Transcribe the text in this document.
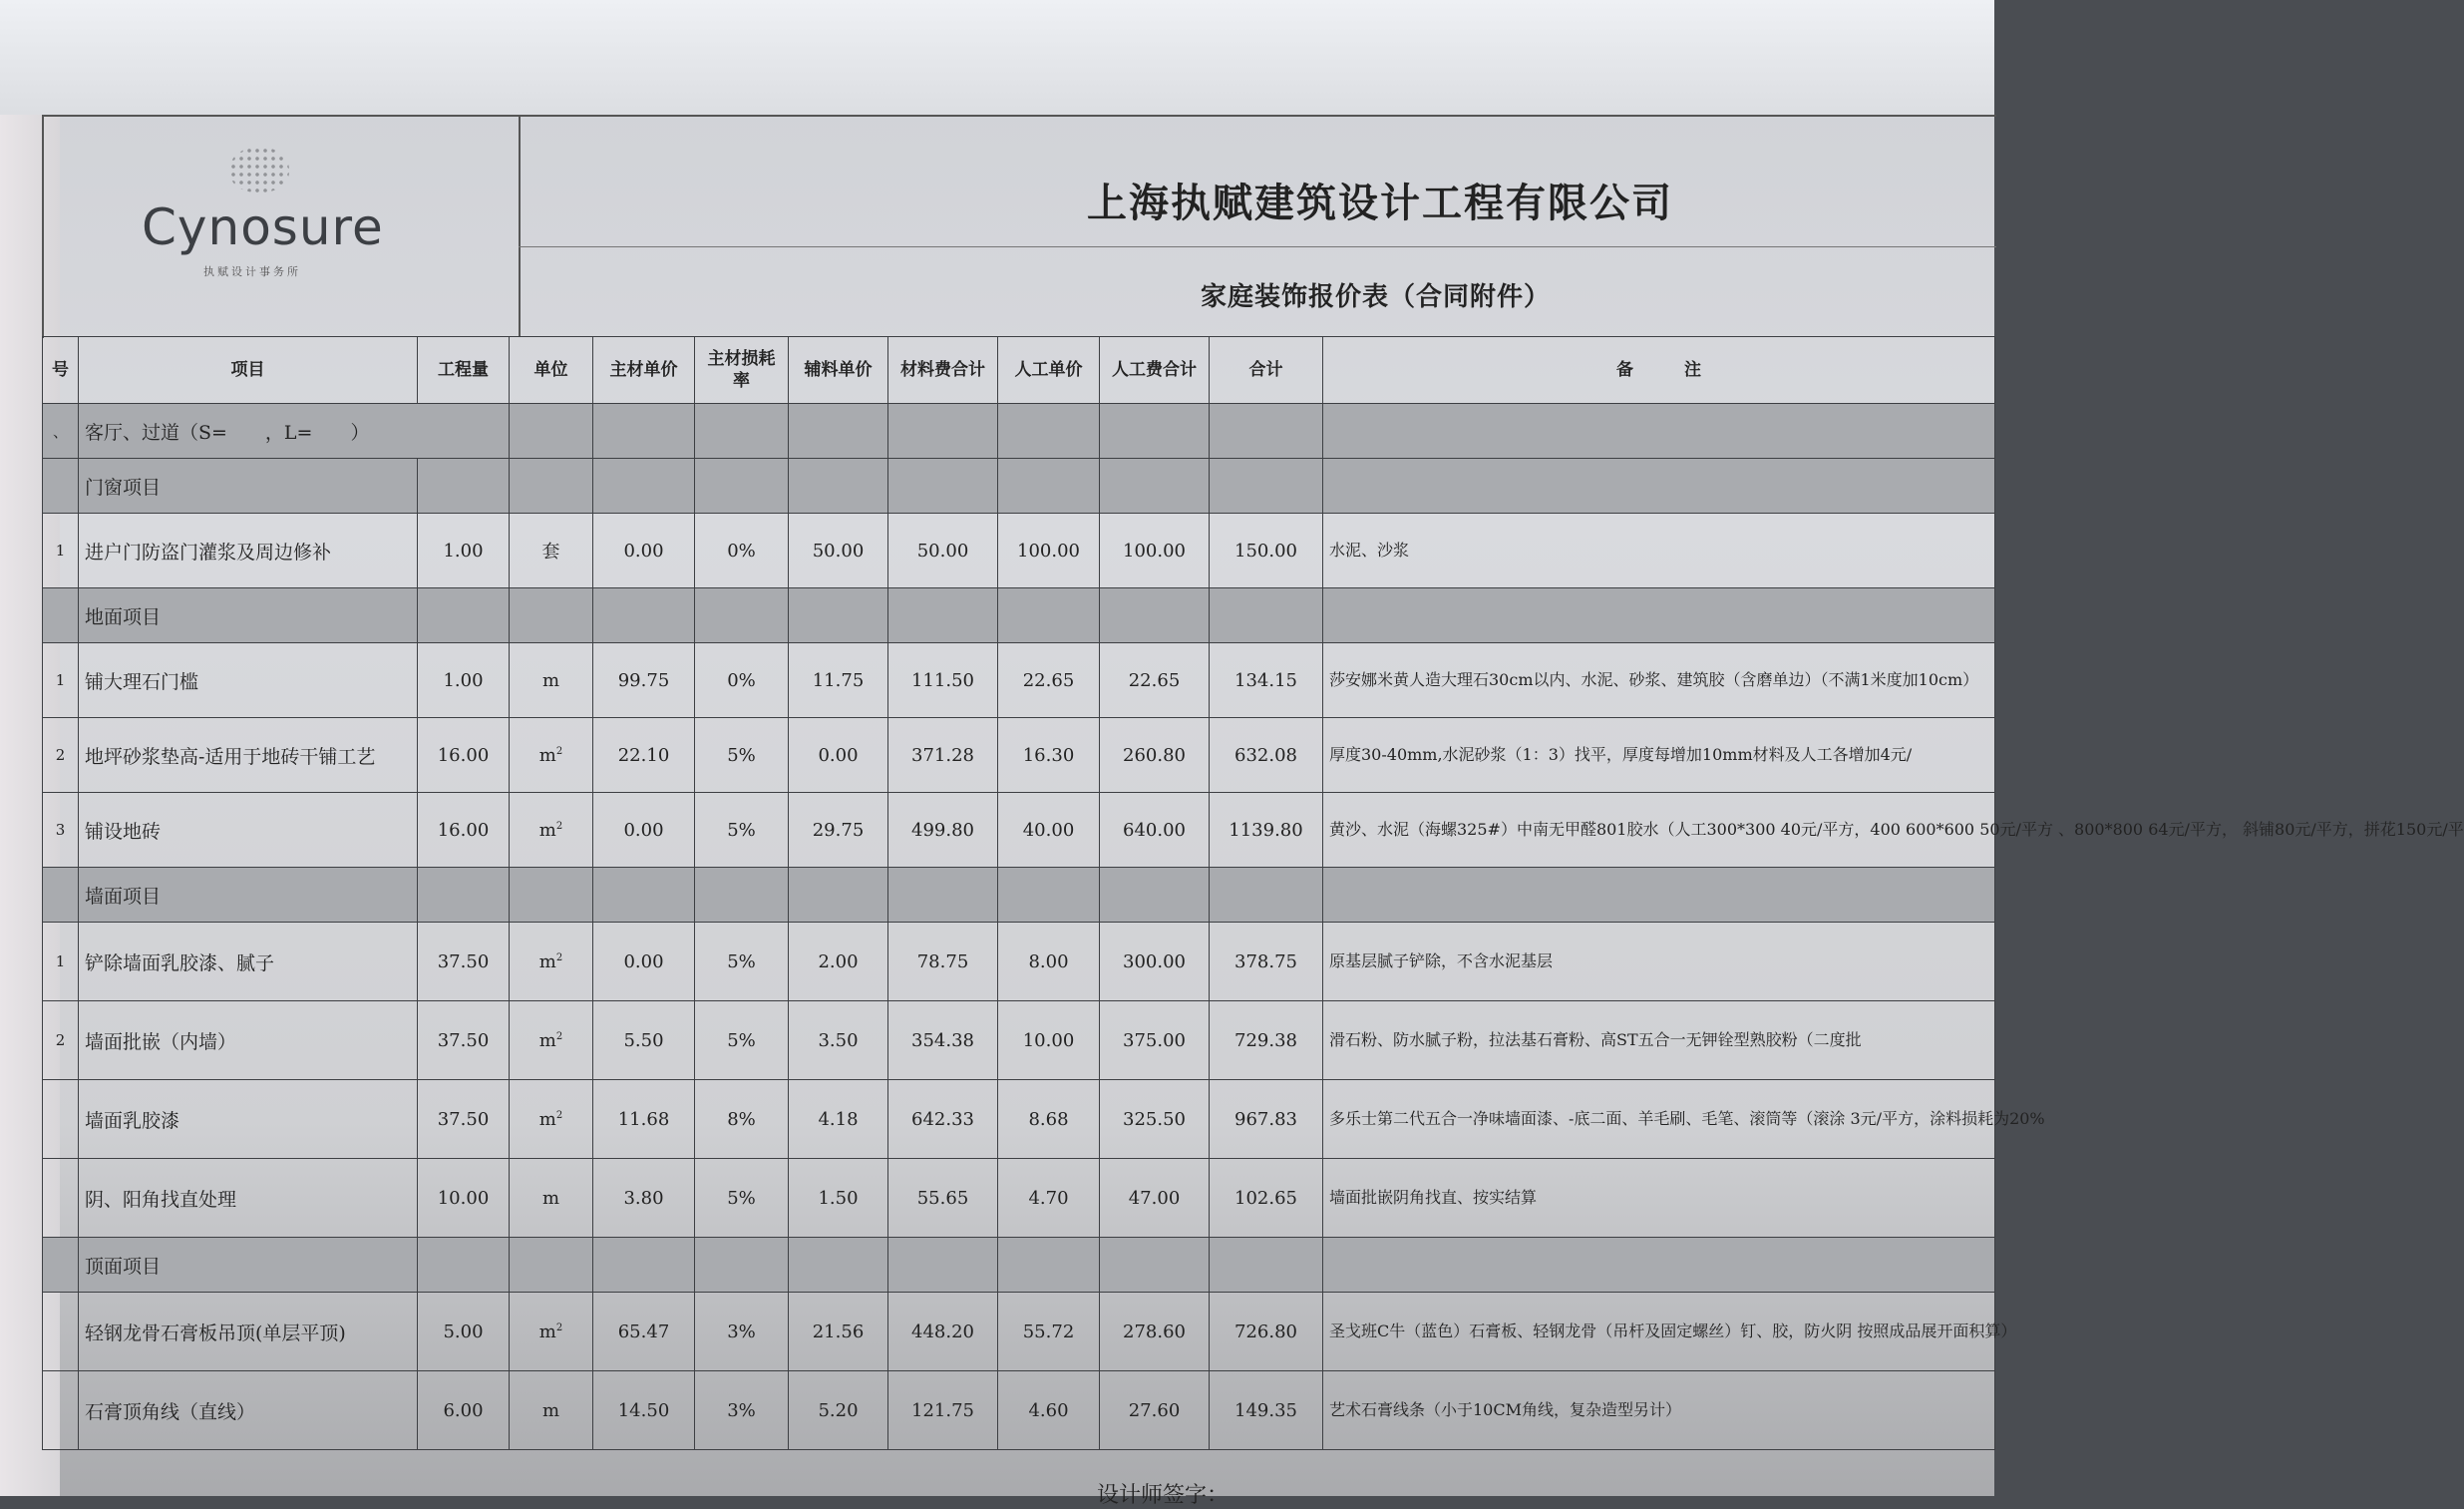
Cynosure
执赋设计事务所
上海执赋建筑设计工程有限公司
家庭装饰报价表（合同附件）
号	项目	工程量	单位	主材单价	主材损耗率	辅料单价	材料费合计	人工单价	人工费合计	合计	备　　　注
、	客厅、过道（S=　　，L=　　）										
	门窗项目										
1	进户门防盗门灌浆及周边修补	1.00	套	0.00	0%	50.00	50.00	100.00	100.00	150.00	水泥、沙浆
	地面项目										
1	铺大理石门槛	1.00	m	99.75	0%	11.75	111.50	22.65	22.65	134.15	莎安娜米黄人造大理石30cm以内、水泥、砂浆、建筑胶（含磨单边）（不满1米度加10cm）
2	地坪砂浆垫高-适用于地砖干铺工艺	16.00	$m^2$	22.10	5%	0.00	371.28	16.30	260.80	632.08	厚度30-40mm,水泥砂浆（1：3）找平，厚度每增加10mm材料及人工各增加4元/
3	铺设地砖	16.00	$m^2$	0.00	5%	29.75	499.80	40.00	640.00	1139.80	黄沙、水泥（海螺325#）中南无甲醛801胶水（人工300*300 40元/平方，400 600*600 50元/平方 、800*800 64元/平方， 斜铺80元/平方，拼花150元/平
	墙面项目										
1	铲除墙面乳胶漆、腻子	37.50	$m^2$	0.00	5%	2.00	78.75	8.00	300.00	378.75	原基层腻子铲除，不含水泥基层
2	墙面批嵌（内墙）	37.50	$m^2$	5.50	5%	3.50	354.38	10.00	375.00	729.38	滑石粉、防水腻子粉，拉法基石膏粉、高ST五合一无钾铨型熟胶粉（二度批
	墙面乳胶漆	37.50	$m^2$	11.68	8%	4.18	642.33	8.68	325.50	967.83	多乐士第二代五合一净味墙面漆、-底二面、羊毛刷、毛笔、滚筒等（滚涂 3元/平方，涂料损耗为20%
	阴、阳角找直处理	10.00	m	3.80	5%	1.50	55.65	4.70	47.00	102.65	墙面批嵌阴角找直、按实结算
	顶面项目										
	轻钢龙骨石膏板吊顶(单层平顶)	5.00	$m^2$	65.47	3%	21.56	448.20	55.72	278.60	726.80	圣戈班C牛（蓝色）石膏板、轻钢龙骨（吊杆及固定螺丝）钉、胶，防火阴 按照成品展开面积算）
	石膏顶角线（直线）	6.00	m	14.50	3%	5.20	121.75	4.60	27.60	149.35	艺术石膏线条（小于10CM角线，复杂造型另计）
设计师签字：
